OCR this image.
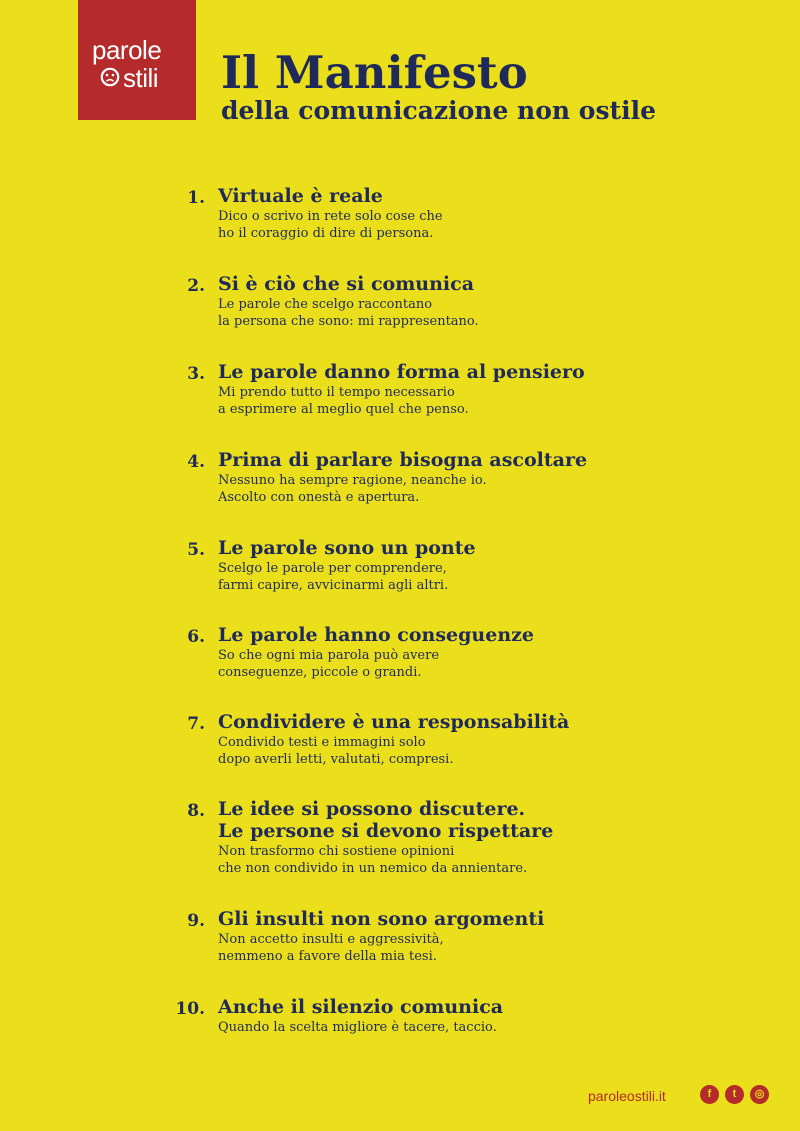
parole
stili Il Manifesto
della comunicazione non ostile
1. Virtuale è reale
Dico o scrivo in rete solo cose che
ho il coraggio di dire di persona.
2. Si è ciò che si comunica
Le parole che scelgo raccontano
la persona che sono: mi rappresentano.
3. Le parole danno forma al pensiero
Mi prendo tutto il tempo necessario
a esprimere al meglio quel che penso.
4. Prima di parlare bisogna ascoltare
Nessuno ha sempre ragione, neanche io.
Ascolto con onestà e apertura.
5. Le parole sono un ponte
Scelgo le parole per comprendere,
farmi capire, avvicinarmi agli altri.
6. Le parole hanno conseguenze
So che ogni mia parola può avere
conseguenze, piccole o grandi.
7. Condividere è una responsabilità
Condivido testi e immagini solo
dopo averli letti, valutati, compresi.
8. Le idee si possono discutere.
Le persone si devono rispettare
Non trasformo chi sostiene opinioni
che non condivido in un nemico da annientare.
9. Gli insulti non sono argomenti
Non accetto insulti e aggressività,
nemmeno a favore della mia tesi.
10. Anche il silenzio comunica
Quando la scelta migliore è tacere, taccio.
paroleostili.it	f	t	◎
